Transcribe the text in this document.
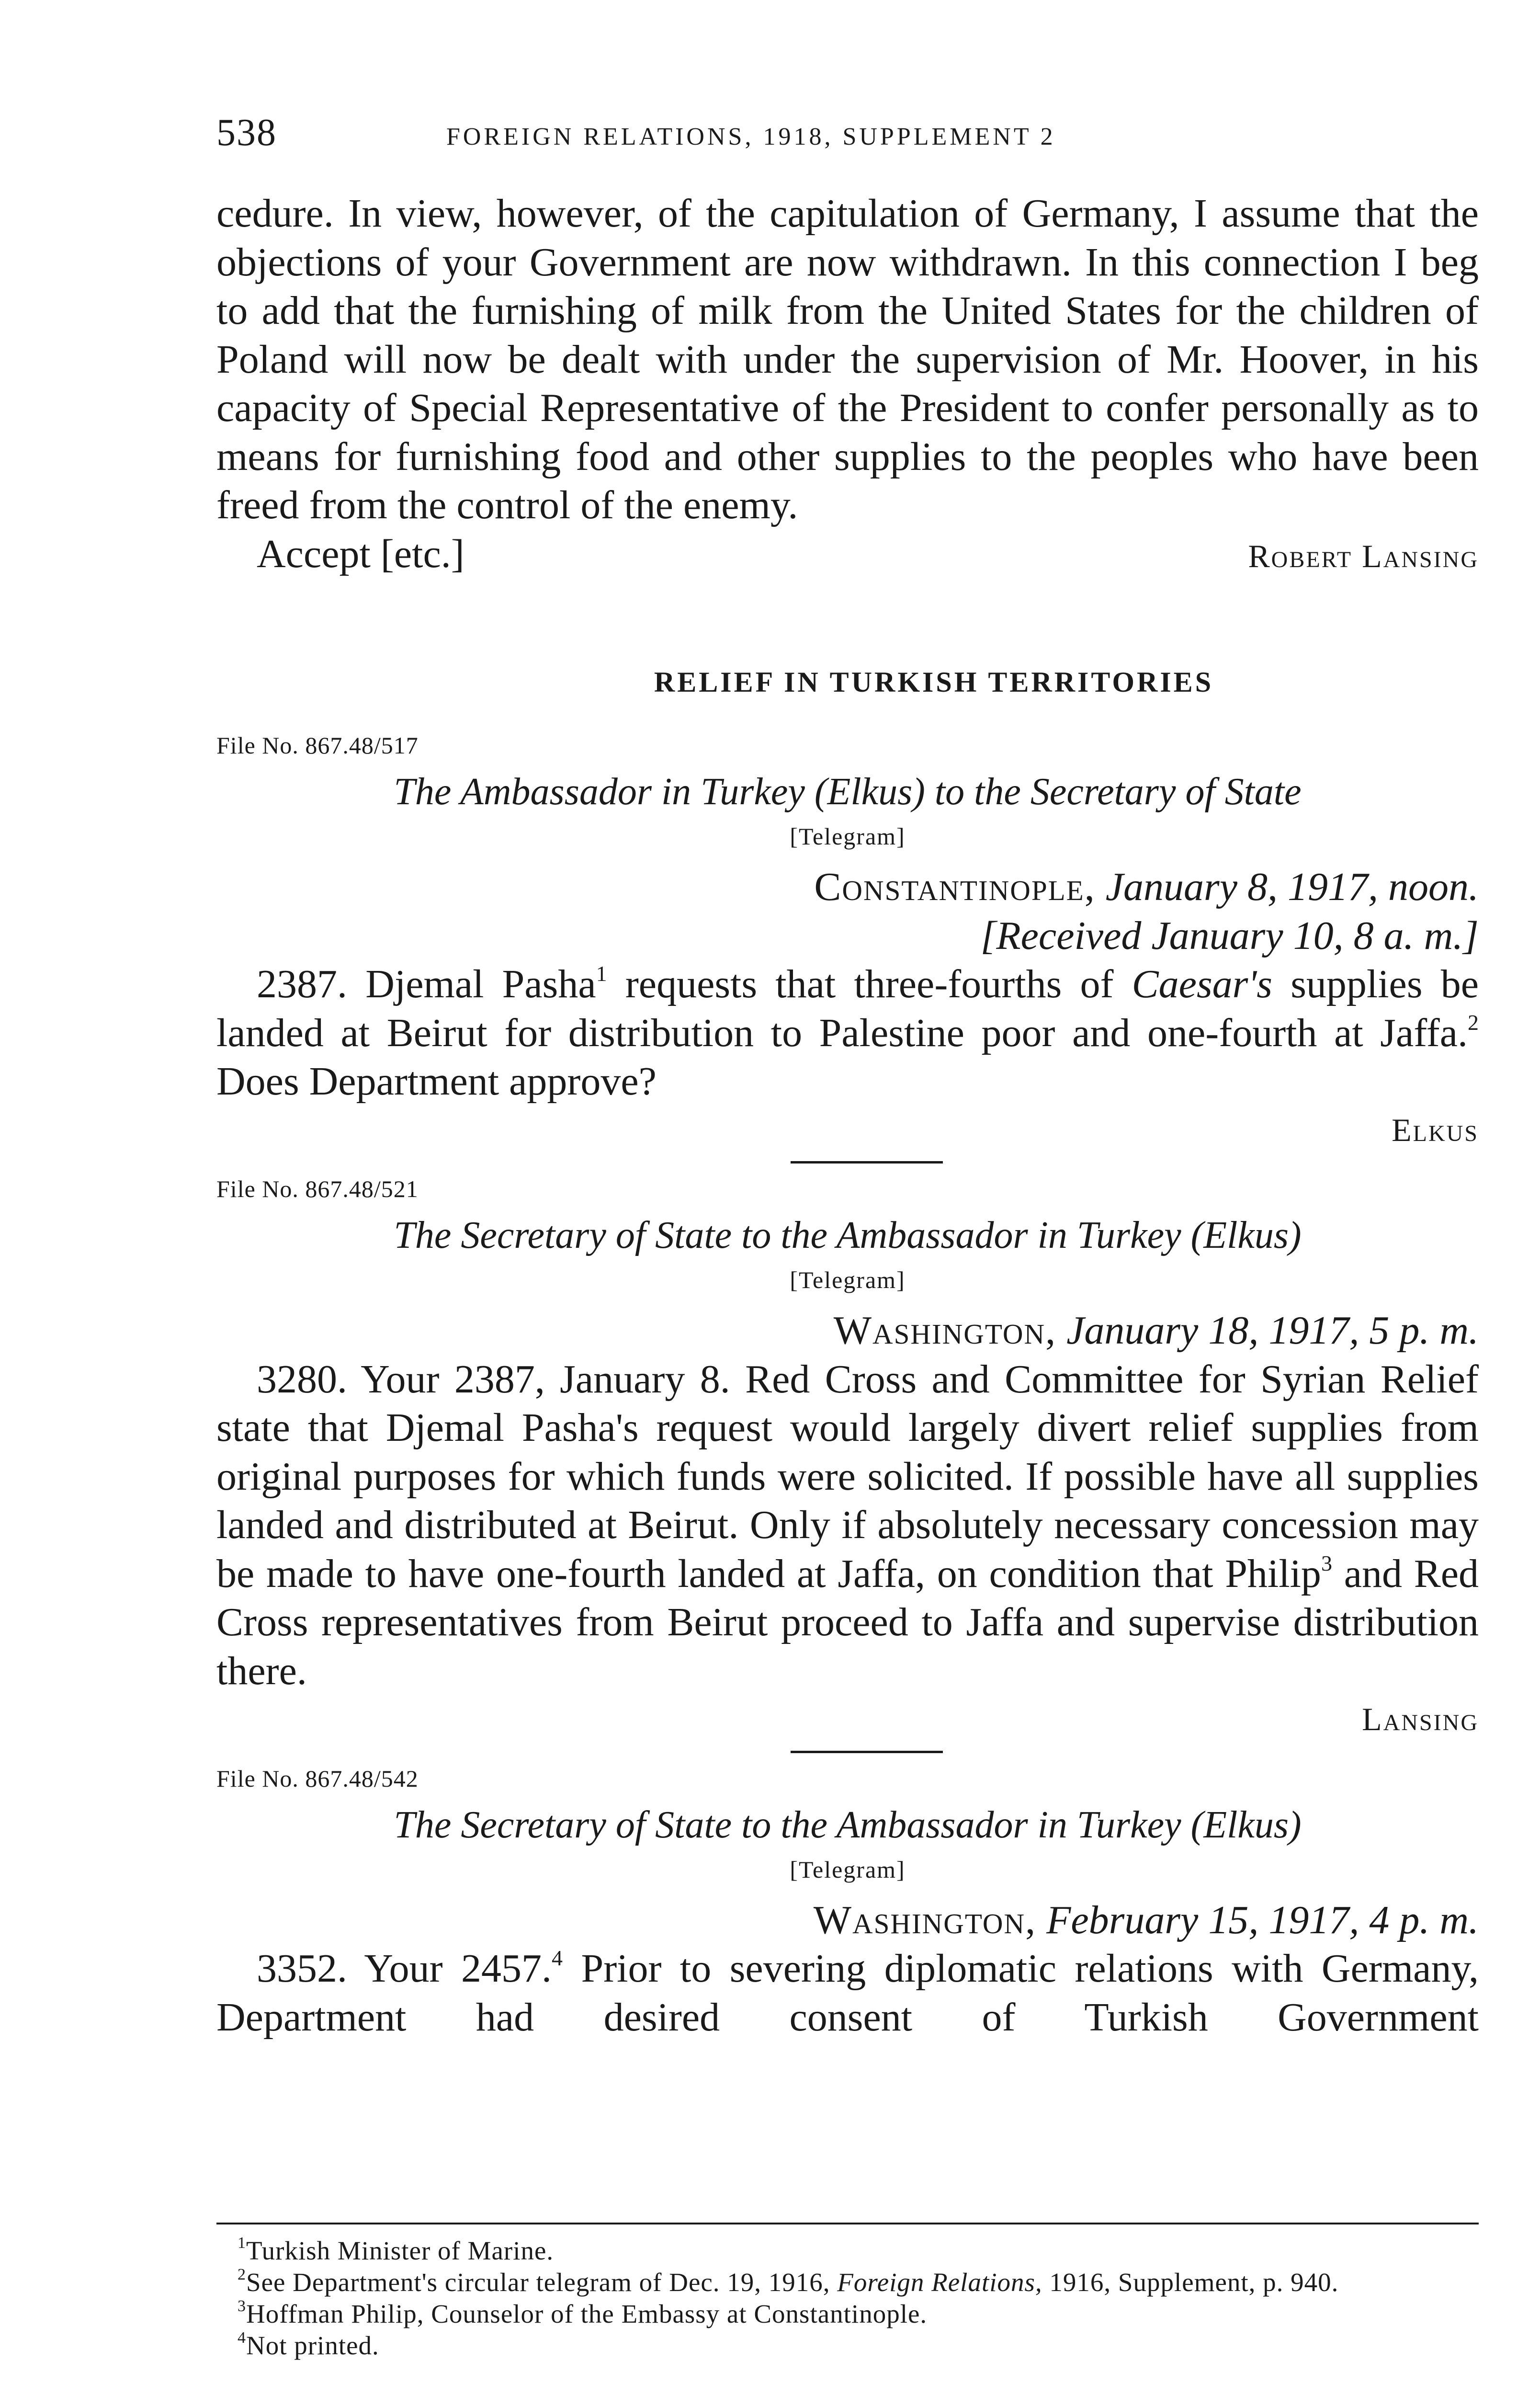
538	FOREIGN RELATIONS, 1918, SUPPLEMENT 2

cedure. In view, however, of the capitulation of Germany, I assume that the objections of your Government are now withdrawn. In this connection I beg to add that the furnishing of milk from the United States for the children of Poland will now be dealt with under the supervision of Mr. Hoover, in his capacity of Special Representative of the President to confer personally as to means for furnishing food and other supplies to the peoples who have been freed from the control of the enemy.

Accept [etc.]	Robert Lansing
RELIEF IN TURKISH TERRITORIES
File No. 867.48/517
The Ambassador in Turkey (Elkus) to the Secretary of State
[Telegram]
Constantinople, January 8, 1917, noon.
[Received January 10, 8 a. m.]

2387. Djemal Pasha$^1$ requests that three-fourths of Caesar's supplies be landed at Beirut for distribution to Palestine poor and one-fourth at Jaffa.$^2$ Does Department approve?

Elkus
File No. 867.48/521
The Secretary of State to the Ambassador in Turkey (Elkus)
[Telegram]
Washington, January 18, 1917, 5 p. m.

3280. Your 2387, January 8. Red Cross and Committee for Syrian Relief state that Djemal Pasha's request would largely divert relief supplies from original purposes for which funds were solicited. If possible have all supplies landed and distributed at Beirut. Only if absolutely necessary concession may be made to have one-fourth landed at Jaffa, on condition that Philip$^3$ and Red Cross representatives from Beirut proceed to Jaffa and supervise distribution there.

Lansing
File No. 867.48/542
The Secretary of State to the Ambassador in Turkey (Elkus)
[Telegram]
Washington, February 15, 1917, 4 p. m.

3352. Your 2457.$^4$ Prior to severing diplomatic relations with Germany, Department had desired consent of Turkish Government

$^1$Turkish Minister of Marine.

$^2$See Department's circular telegram of Dec. 19, 1916, Foreign Relations, 1916, Supplement, p. 940.

$^3$Hoffman Philip, Counselor of the Embassy at Constantinople.

$^4$Not printed.
